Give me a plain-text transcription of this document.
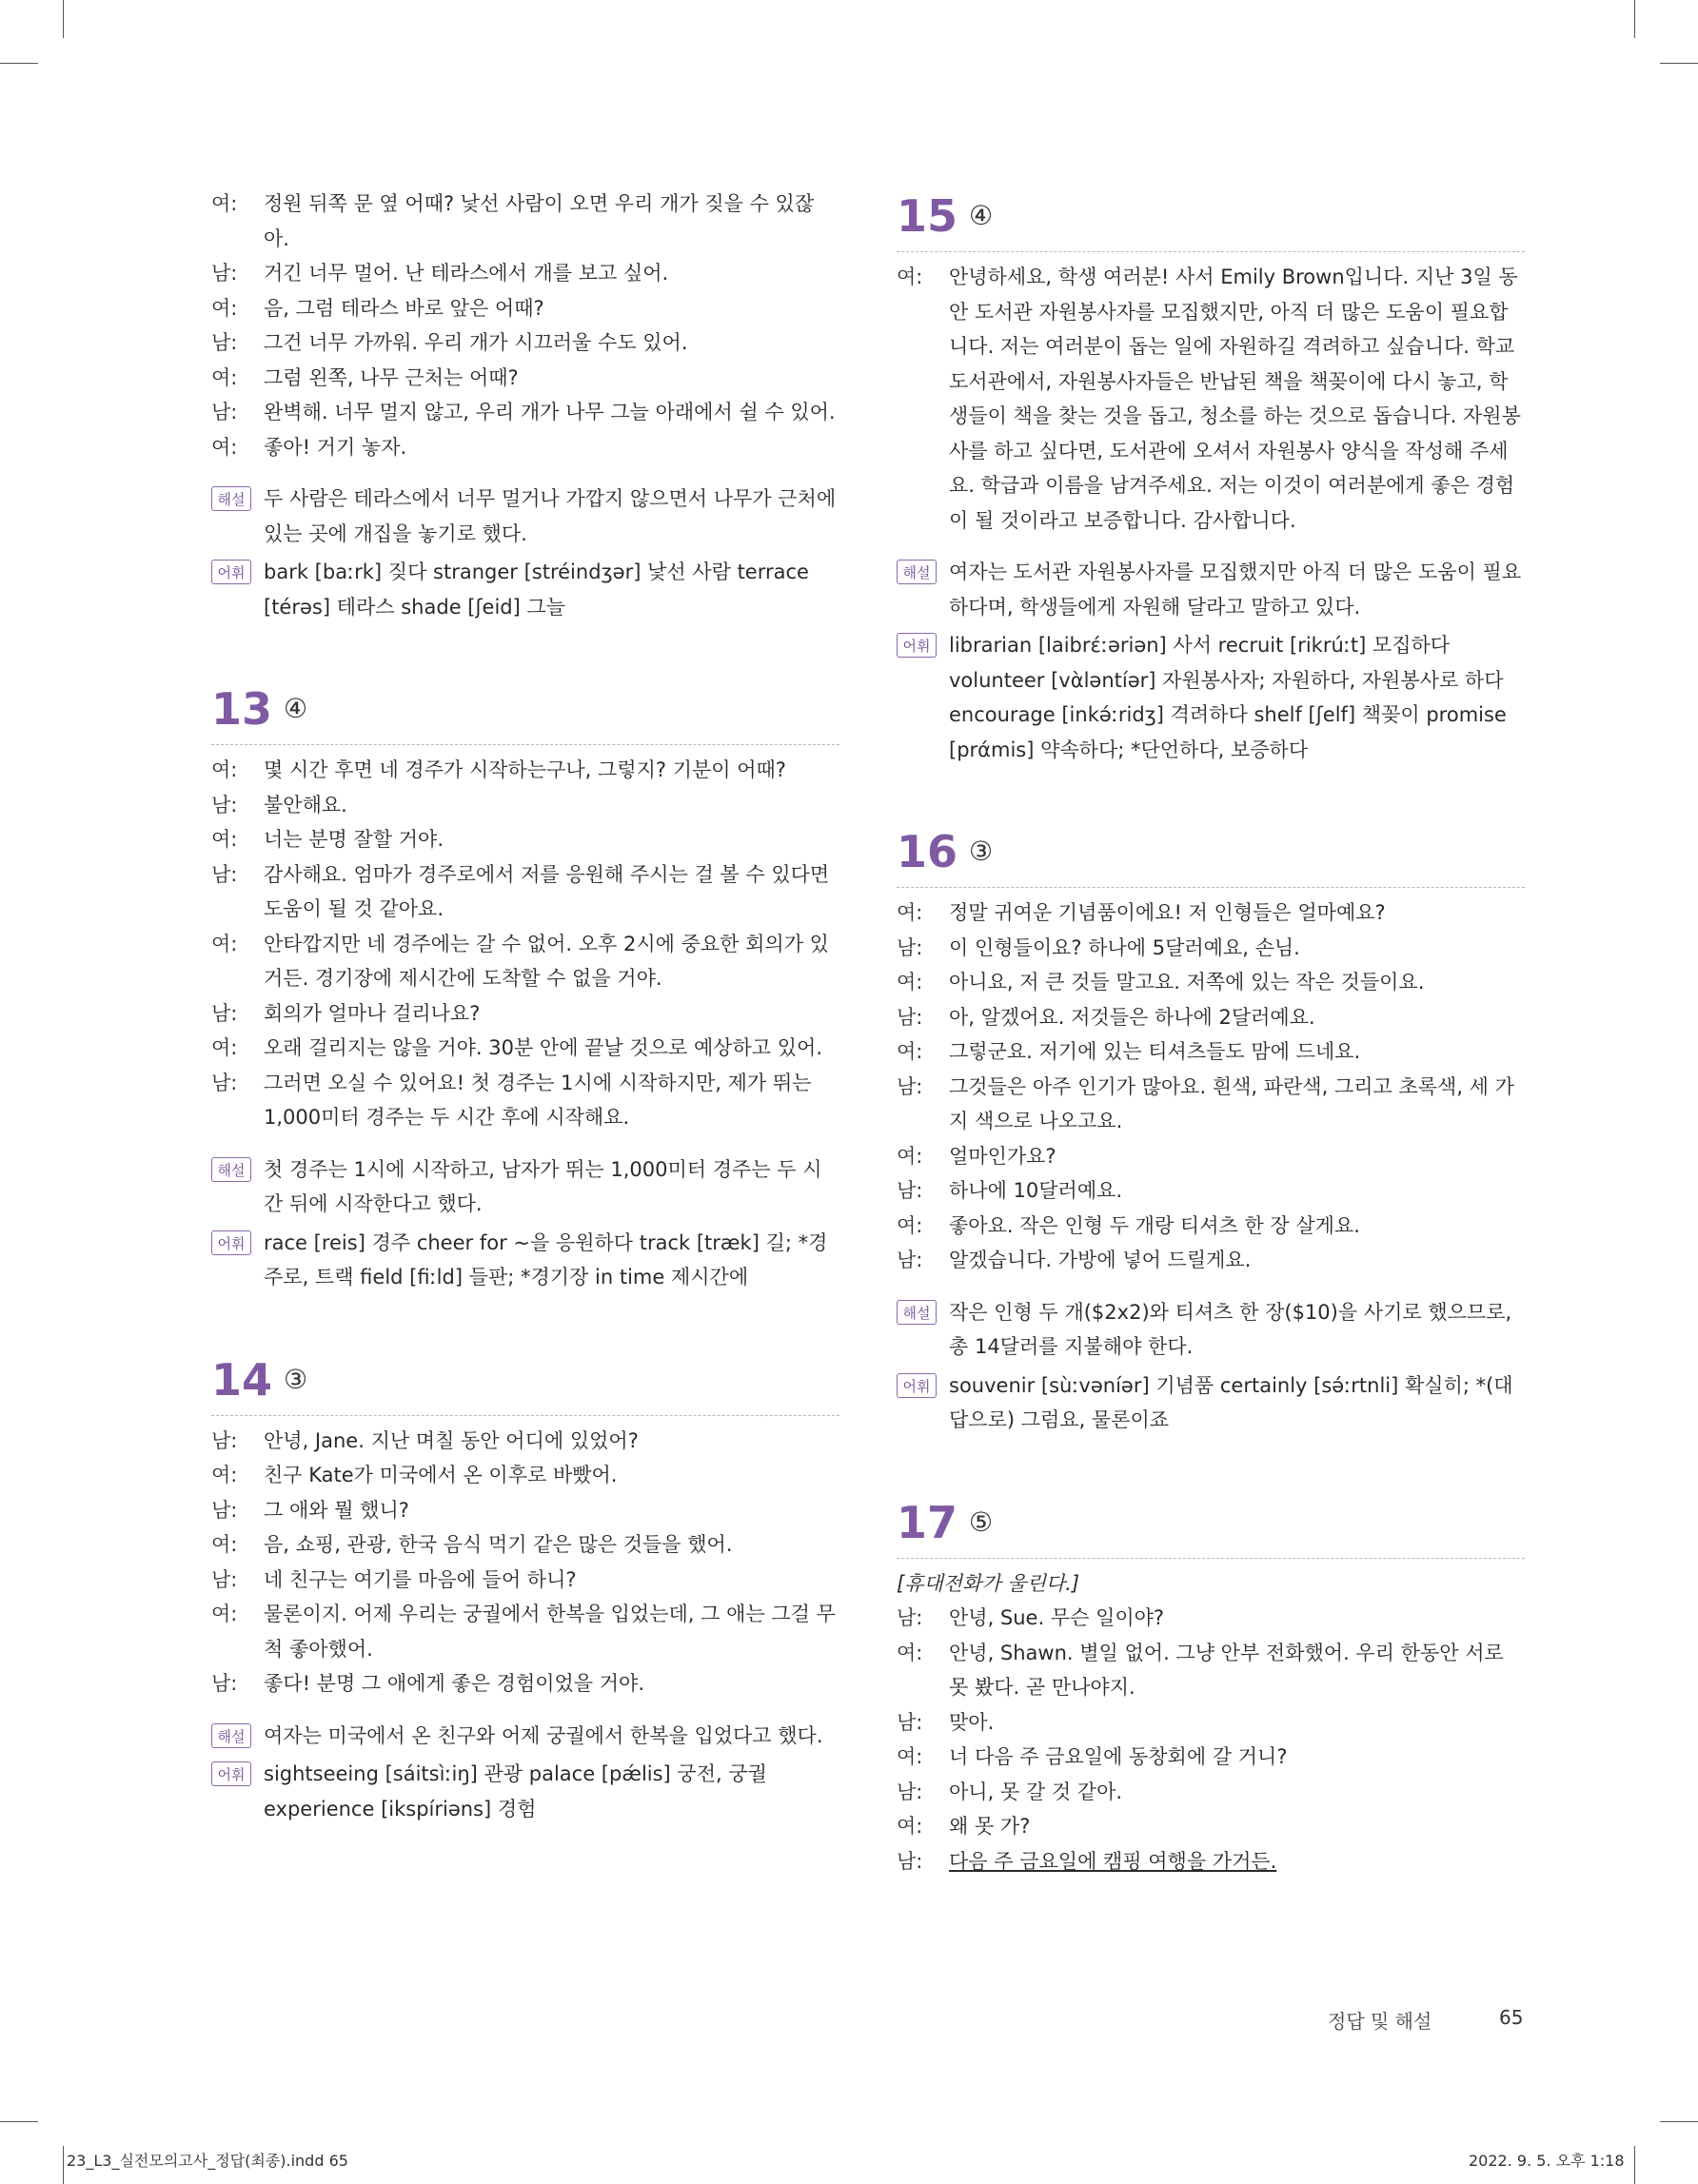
여:	정원 뒤쪽 문 옆 어때? 낯선 사람이 오면 우리 개가 짖을 수 있잖아.
남:	거긴 너무 멀어. 난 테라스에서 개를 보고 싶어.
여:	음, 그럼 테라스 바로 앞은 어때?
남:	그건 너무 가까워. 우리 개가 시끄러울 수도 있어.
여:	그럼 왼쪽, 나무 근처는 어때?
남:	완벽해. 너무 멀지 않고, 우리 개가 나무 그늘 아래에서 쉴 수 있어.
여:	좋아! 거기 놓자.
해설 두 사람은 테라스에서 너무 멀거나 가깝지 않으면서 나무가 근처에 있는 곳에 개집을 놓기로 했다.
어휘 bark [baːrk] 짖다 stranger [stréindʒər] 낯선 사람 terrace [térəs] 테라스 shade [ʃeid] 그늘
13 ④
여:	몇 시간 후면 네 경주가 시작하는구나, 그렇지? 기분이 어때?
남:	불안해요.
여:	너는 분명 잘할 거야.
남:	감사해요. 엄마가 경주로에서 저를 응원해 주시는 걸 볼 수 있다면 도움이 될 것 같아요.
여:	안타깝지만 네 경주에는 갈 수 없어. 오후 2시에 중요한 회의가 있거든. 경기장에 제시간에 도착할 수 없을 거야.
남:	회의가 얼마나 걸리나요?
여:	오래 걸리지는 않을 거야. 30분 안에 끝날 것으로 예상하고 있어.
남:	그러면 오실 수 있어요! 첫 경주는 1시에 시작하지만, 제가 뛰는 1,000미터 경주는 두 시간 후에 시작해요.
해설 첫 경주는 1시에 시작하고, 남자가 뛰는 1,000미터 경주는 두 시간 뒤에 시작한다고 했다.
어휘 race [reis] 경주 cheer for ~을 응원하다 track [træk] 길; *경주로, 트랙 field [fiːld] 들판; *경기장 in time 제시간에
14 ③
남:	안녕, Jane. 지난 며칠 동안 어디에 있었어?
여:	친구 Kate가 미국에서 온 이후로 바빴어.
남:	그 애와 뭘 했니?
여:	음, 쇼핑, 관광, 한국 음식 먹기 같은 많은 것들을 했어.
남:	네 친구는 여기를 마음에 들어 하니?
여:	물론이지. 어제 우리는 궁궐에서 한복을 입었는데, 그 애는 그걸 무척 좋아했어.
남:	좋다! 분명 그 애에게 좋은 경험이었을 거야.
해설 여자는 미국에서 온 친구와 어제 궁궐에서 한복을 입었다고 했다.
어휘 sightseeing [sáitsìːiŋ] 관광 palace [pǽlis] 궁전, 궁궐 experience [ikspíriəns] 경험
15 ④
여:	안녕하세요, 학생 여러분! 사서 Emily Brown입니다. 지난 3일 동안 도서관 자원봉사자를 모집했지만, 아직 더 많은 도움이 필요합니다. 저는 여러분이 돕는 일에 자원하길 격려하고 싶습니다. 학교 도서관에서, 자원봉사자들은 반납된 책을 책꽂이에 다시 놓고, 학생들이 책을 찾는 것을 돕고, 청소를 하는 것으로 돕습니다. 자원봉사를 하고 싶다면, 도서관에 오셔서 자원봉사 양식을 작성해 주세요. 학급과 이름을 남겨주세요. 저는 이것이 여러분에게 좋은 경험이 될 것이라고 보증합니다. 감사합니다.
해설 여자는 도서관 자원봉사자를 모집했지만 아직 더 많은 도움이 필요하다며, 학생들에게 자원해 달라고 말하고 있다.
어휘 librarian [laibrέːəriən] 사서 recruit [rikrúːt] 모집하다 volunteer [vὰləntíər] 자원봉사자; 자원하다, 자원봉사로 하다 encourage [inkə́ːridʒ] 격려하다 shelf [ʃelf] 책꽂이 promise [prάmis] 약속하다; *단언하다, 보증하다
16 ③
여:	정말 귀여운 기념품이에요! 저 인형들은 얼마예요?
남:	이 인형들이요? 하나에 5달러예요, 손님.
여:	아니요, 저 큰 것들 말고요. 저쪽에 있는 작은 것들이요.
남:	아, 알겠어요. 저것들은 하나에 2달러예요.
여:	그렇군요. 저기에 있는 티셔츠들도 맘에 드네요.
남:	그것들은 아주 인기가 많아요. 흰색, 파란색, 그리고 초록색, 세 가지 색으로 나오고요.
여:	얼마인가요?
남:	하나에 10달러예요.
여:	좋아요. 작은 인형 두 개랑 티셔츠 한 장 살게요.
남:	알겠습니다. 가방에 넣어 드릴게요.
해설 작은 인형 두 개($2x2)와 티셔츠 한 장($10)을 사기로 했으므로, 총 14달러를 지불해야 한다.
어휘 souvenir [sùːvəníər] 기념품 certainly [sə́ːrtnli] 확실히; *(대답으로) 그럼요, 물론이죠
17 ⑤
[휴대전화가 울린다.]
남:	안녕, Sue. 무슨 일이야?
여:	안녕, Shawn. 별일 없어. 그냥 안부 전화했어. 우리 한동안 서로 못 봤다. 곧 만나야지.
남:	맞아.
여:	너 다음 주 금요일에 동창회에 갈 거니?
남:	아니, 못 갈 것 같아.
여:	왜 못 가?
남:	다음 주 금요일에 캠핑 여행을 가거든.
정답 및 해설	65
23_L3_실전모의고사_정답(최종).indd 65	2022. 9. 5. 오후 1:18
